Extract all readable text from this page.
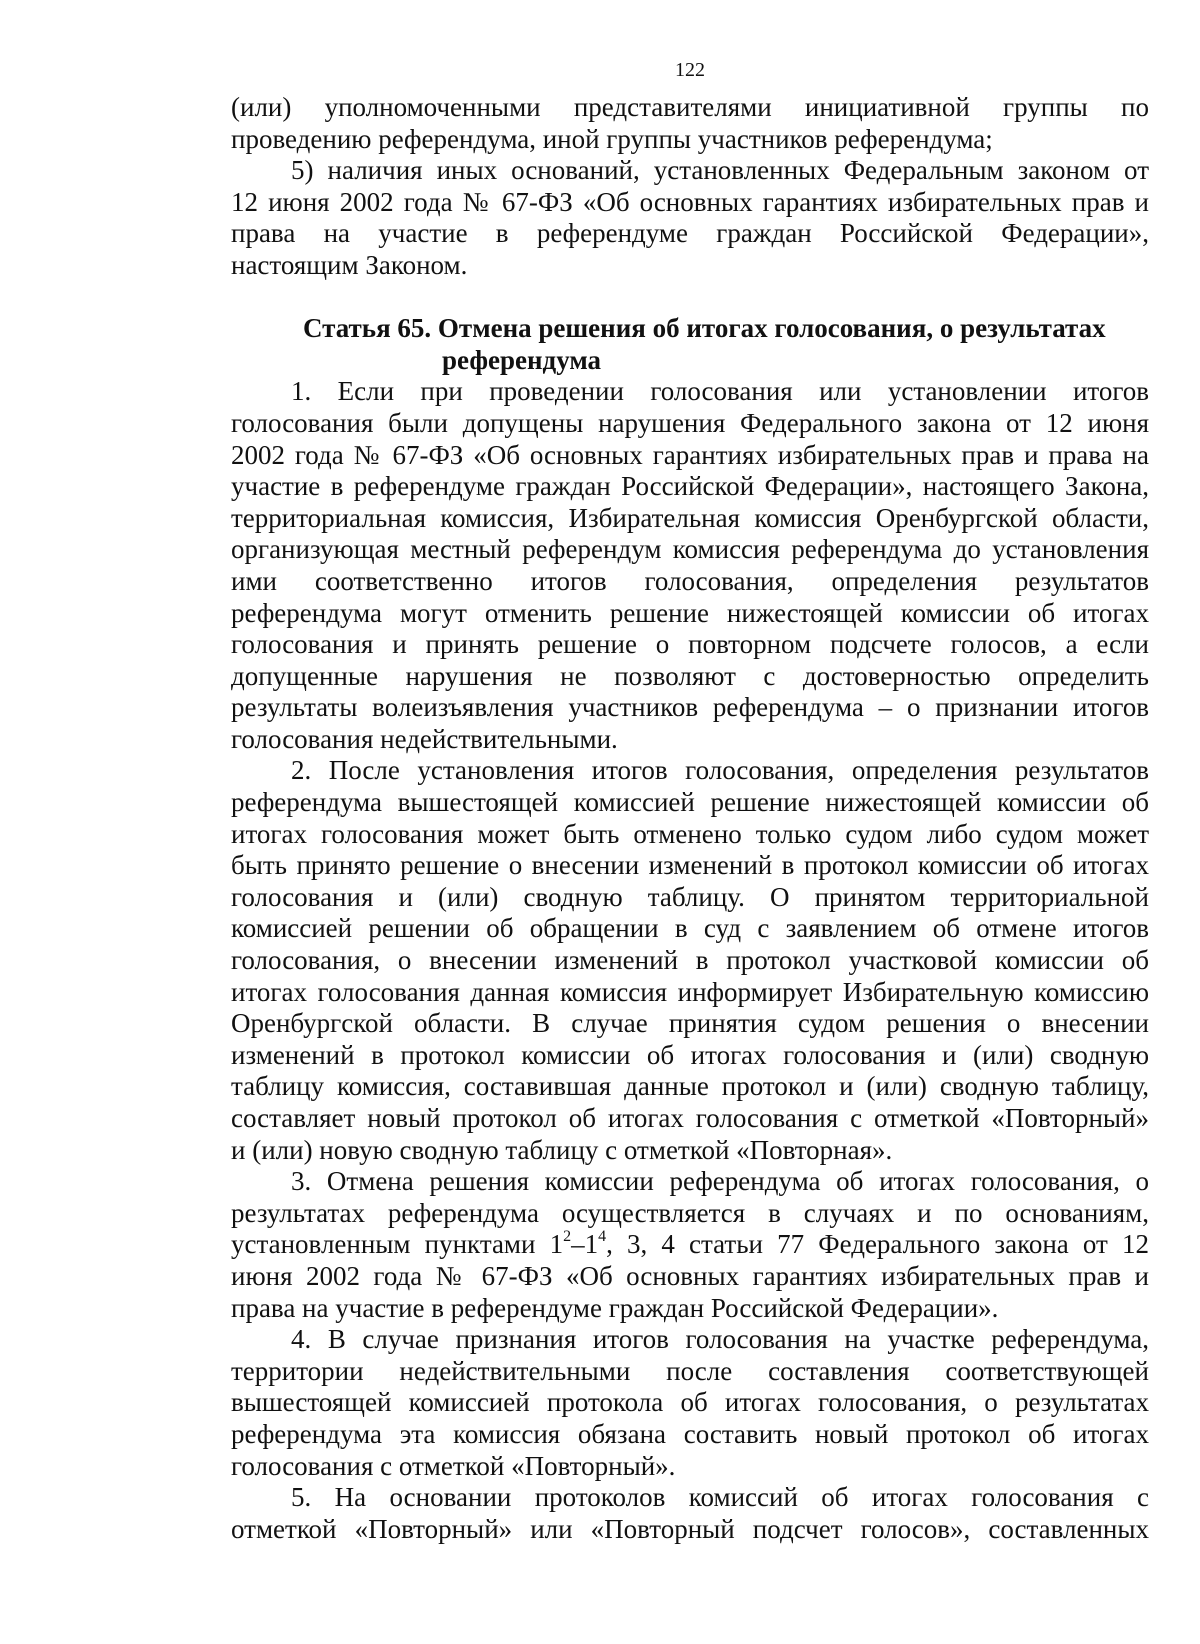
122
(или) уполномоченными представителями инициативной группы по
проведению референдума, иной группы участников референдума;
5) наличия иных оснований, установленных Федеральным законом от
12 июня 2002 года № 67-ФЗ «Об основных гарантиях избирательных прав и
права на участие в референдуме граждан Российской Федерации»,
настоящим Законом.
Статья 65. Отмена решения об итогах голосования, о результатах
референдума
1. Если при проведении голосования или установлении итогов
голосования были допущены нарушения Федерального закона от 12 июня
2002 года № 67-ФЗ «Об основных гарантиях избирательных прав и права на
участие в референдуме граждан Российской Федерации», настоящего Закона,
территориальная комиссия, Избирательная комиссия Оренбургской области,
организующая местный референдум комиссия референдума до установления
ими соответственно итогов голосования, определения результатов
референдума могут отменить решение нижестоящей комиссии об итогах
голосования и принять решение о повторном подсчете голосов, а если
допущенные нарушения не позволяют с достоверностью определить
результаты волеизъявления участников референдума – о признании итогов
голосования недействительными.
2. После установления итогов голосования, определения результатов
референдума вышестоящей комиссией решение нижестоящей комиссии об
итогах голосования может быть отменено только судом либо судом может
быть принято решение о внесении изменений в протокол комиссии об итогах
голосования и (или) сводную таблицу. О принятом территориальной
комиссией решении об обращении в суд с заявлением об отмене итогов
голосования, о внесении изменений в протокол участковой комиссии об
итогах голосования данная комиссия информирует Избирательную комиссию
Оренбургской области. В случае принятия судом решения о внесении
изменений в протокол комиссии об итогах голосования и (или) сводную
таблицу комиссия, составившая данные протокол и (или) сводную таблицу,
составляет новый протокол об итогах голосования с отметкой «Повторный»
и (или) новую сводную таблицу с отметкой «Повторная».
3. Отмена решения комиссии референдума об итогах голосования, о
результатах референдума осуществляется в случаях и по основаниям,
установленным пунктами $1^2-1^4$, 3, 4 статьи 77 Федерального закона от 12
июня 2002 года № 67-ФЗ «Об основных гарантиях избирательных прав и
права на участие в референдуме граждан Российской Федерации».
4. В случае признания итогов голосования на участке референдума,
территории недействительными после составления соответствующей
вышестоящей комиссией протокола об итогах голосования, о результатах
референдума эта комиссия обязана составить новый протокол об итогах
голосования с отметкой «Повторный».
5. На основании протоколов комиссий об итогах голосования с
отметкой «Повторный» или «Повторный подсчет голосов», составленных
